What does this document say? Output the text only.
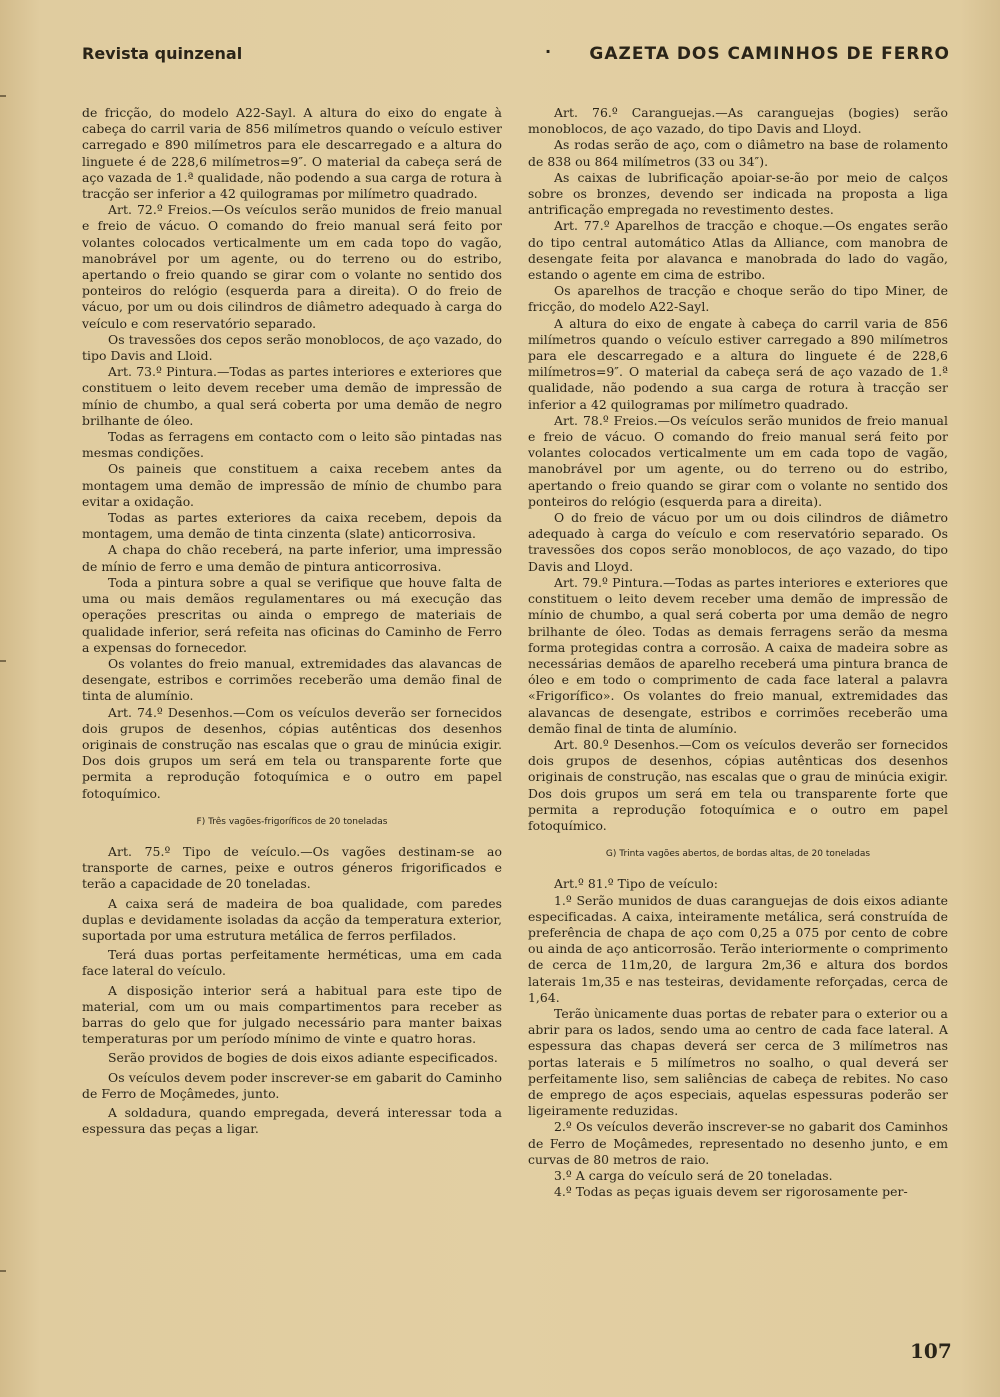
Revista quinzenal	· GAZETA DOS CAMINHOS DE FERRO

de fricção, do modelo A22-Sayl. A altura do eixo do engate à cabeça do carril varia de 856 milímetros quando o veículo estiver carregado e 890 milímetros para ele descarregado e a altura do linguete é de 228,6 milímetros=9″. O material da cabeça será de aço vazada de 1.ª qualidade, não podendo a sua carga de rotura à tracção ser inferior a 42 quilogramas por milímetro quadrado.

Art. 72.º Freios.—Os veículos serão munidos de freio manual e freio de vácuo. O comando do freio manual será feito por volantes colocados verticalmente um em cada topo do vagão, manobrável por um agente, ou do terreno ou do estribo, apertando o freio quando se girar com o volante no sentido dos ponteiros do relógio (esquerda para a direita). O do freio de vácuo, por um ou dois cilindros de diâmetro adequado à carga do veículo e com reservatório separado.

Os travessões dos cepos serão monoblocos, de aço vazado, do tipo Davis and Lloid.

Art. 73.º Pintura.—Todas as partes interiores e exteriores que constituem o leito devem receber uma demão de impressão de mínio de chumbo, a qual será coberta por uma demão de negro brilhante de óleo.

Todas as ferragens em contacto com o leito são pintadas nas mesmas condições.

Os paineis que constituem a caixa recebem antes da montagem uma demão de impressão de mínio de chumbo para evitar a oxidação.

Todas as partes exteriores da caixa recebem, depois da montagem, uma demão de tinta cinzenta (slate) anticorrosiva.

A chapa do chão receberá, na parte inferior, uma impressão de mínio de ferro e uma demão de pintura anticorrosiva.

Toda a pintura sobre a qual se verifique que houve falta de uma ou mais demãos regulamentares ou má execução das operações prescritas ou ainda o emprego de materiais de qualidade inferior, será refeita nas oficinas do Caminho de Ferro a expensas do fornecedor.

Os volantes do freio manual, extremidades das alavancas de desengate, estribos e corrimões receberão uma demão final de tinta de alumínio.

Art. 74.º Desenhos.—Com os veículos deverão ser fornecidos dois grupos de desenhos, cópias autênticas dos desenhos originais de construção nas escalas que o grau de minúcia exigir. Dos dois grupos um será em tela ou transparente forte que permita a reprodução fotoquímica e o outro em papel fotoquímico.

F) Três vagões-frigoríficos de 20 toneladas

Art. 75.º Tipo de veículo.—Os vagões destinam-se ao transporte de carnes, peixe e outros géneros frigorificados e terão a capacidade de 20 toneladas.

A caixa será de madeira de boa qualidade, com paredes duplas e devidamente isoladas da acção da temperatura exterior, suportada por uma estrutura metálica de ferros perfilados.

Terá duas portas perfeitamente herméticas, uma em cada face lateral do veículo.

A disposição interior será a habitual para este tipo de material, com um ou mais compartimentos para receber as barras do gelo que for julgado necessário para manter baixas temperaturas por um período mínimo de vinte e quatro horas.

Serão providos de bogies de dois eixos adiante especificados.

Os veículos devem poder inscrever-se em gabarit do Caminho de Ferro de Moçâmedes, junto.

A soldadura, quando empregada, deverá interessar toda a espessura das peças a ligar.

Art. 76.º Caranguejas.—As caranguejas (bogies) serão monoblocos, de aço vazado, do tipo Davis and Lloyd.

As rodas serão de aço, com o diâmetro na base de rolamento de 838 ou 864 milímetros (33 ou 34″).

As caixas de lubrificação apoiar-se-ão por meio de calços sobre os bronzes, devendo ser indicada na proposta a liga antrificação empregada no revestimento destes.

Art. 77.º Aparelhos de tracção e choque.—Os engates serão do tipo central automático Atlas da Alliance, com manobra de desengate feita por alavanca e manobrada do lado do vagão, estando o agente em cima de estribo.

Os aparelhos de tracção e choque serão do tipo Miner, de fricção, do modelo A22-Sayl.

A altura do eixo de engate à cabeça do carril varia de 856 milímetros quando o veículo estiver carregado a 890 milímetros para ele descarregado e a altura do linguete é de 228,6 milímetros=9″. O material da cabeça será de aço vazado de 1.ª qualidade, não podendo a sua carga de rotura à tracção ser inferior a 42 quilogramas por milímetro quadrado.

Art. 78.º Freios.—Os veículos serão munidos de freio manual e freio de vácuo. O comando do freio manual será feito por volantes colocados verticalmente um em cada topo de vagão, manobrável por um agente, ou do terreno ou do estribo, apertando o freio quando se girar com o volante no sentido dos ponteiros do relógio (esquerda para a direita).

O do freio de vácuo por um ou dois cilindros de diâmetro adequado à carga do veículo e com reservatório separado. Os travessões dos copos serão monoblocos, de aço vazado, do tipo Davis and Lloyd.

Art. 79.º Pintura.—Todas as partes interiores e exteriores que constituem o leito devem receber uma demão de impressão de mínio de chumbo, a qual será coberta por uma demão de negro brilhante de óleo. Todas as demais ferragens serão da mesma forma protegidas contra a corrosão. A caixa de madeira sobre as necessárias demãos de aparelho receberá uma pintura branca de óleo e em todo o comprimento de cada face lateral a palavra «Frigorífico». Os volantes do freio manual, extremidades das alavancas de desengate, estribos e corrimões receberão uma demão final de tinta de alumínio.

Art. 80.º Desenhos.—Com os veículos deverão ser fornecidos dois grupos de desenhos, cópias autênticas dos desenhos originais de construção, nas escalas que o grau de minúcia exigir. Dos dois grupos um será em tela ou transparente forte que permita a reprodução fotoquímica e o outro em papel fotoquímico.

G) Trinta vagões abertos, de bordas altas, de 20 toneladas

Art.º 81.º Tipo de veículo:

1.º Serão munidos de duas caranguejas de dois eixos adiante especificadas. A caixa, inteiramente metálica, será construída de preferência de chapa de aço com 0,25 a 075 por cento de cobre ou ainda de aço anticorrosão. Terão interiormente o comprimento de cerca de 11m,20, de largura 2m,36 e altura dos bordos laterais 1m,35 e nas testeiras, devidamente reforçadas, cerca de 1,64.

Terão ùnicamente duas portas de rebater para o exterior ou a abrir para os lados, sendo uma ao centro de cada face lateral. A espessura das chapas deverá ser cerca de 3 milímetros nas portas laterais e 5 milímetros no soalho, o qual deverá ser perfeitamente liso, sem saliências de cabeça de rebites. No caso de emprego de aços especiais, aquelas espessuras poderão ser ligeiramente reduzidas.

2.º Os veículos deverão inscrever-se no gabarit dos Caminhos de Ferro de Moçâmedes, representado no desenho junto, e em curvas de 80 metros de raio.

3.º A carga do veículo será de 20 toneladas.

4.º Todas as peças iguais devem ser rigorosamente per-

107
